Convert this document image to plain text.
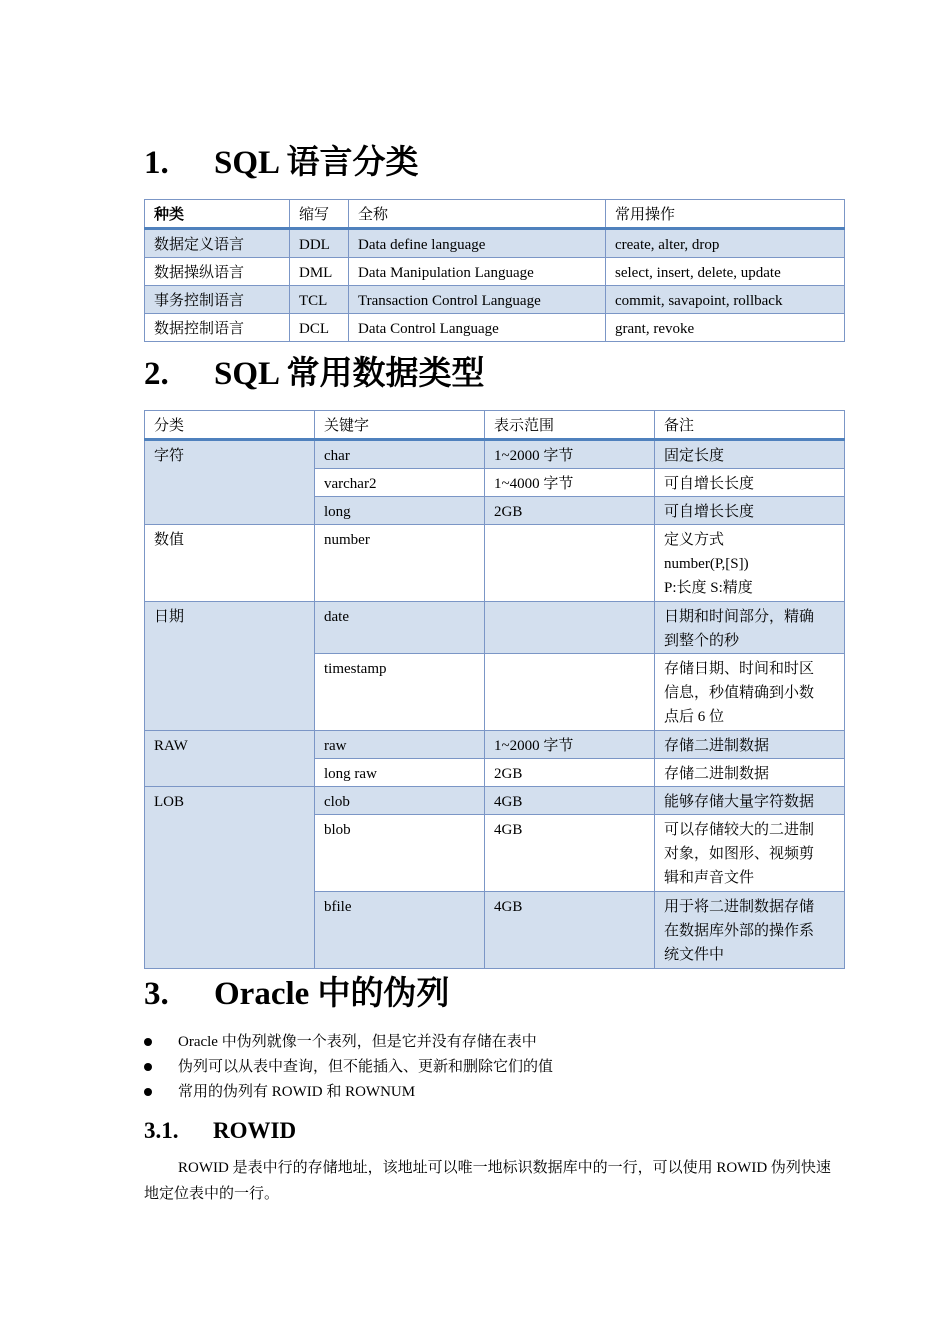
1. SQL 语言分类
种类	缩写	全称	常用操作
数据定义语言	DDL	Data define language	create, alter, drop
数据操纵语言	DML	Data Manipulation Language	select, insert, delete, update
事务控制语言	TCL	Transaction Control Language	commit, savapoint, rollback
数据控制语言	DCL	Data Control Language	grant, revoke
2. SQL 常用数据类型
分类	关键字	表示范围	备注
字符	char	1~2000 字节	固定长度

	varchar2	1~4000 字节	可自增长长度

	long	2GB	可自增长长度

数值	number		定义方式
number(P,[S])
P:长度 S:精度

日期	date		日期和时间部分，精确
到整个的秒

	timestamp		存储日期、时间和时区
信息，秒值精确到小数
点后 6 位

RAW	raw	1~2000 字节	存储二进制数据

	long raw	2GB	存储二进制数据

LOB	clob	4GB	能够存储大量字符数据

	blob	4GB	可以存储较大的二进制
对象，如图形、视频剪
辑和声音文件

	bfile	4GB	用于将二进制数据存储
在数据库外部的操作系
统文件中
3. Oracle 中的伪列
Oracle 中伪列就像一个表列，但是它并没有存储在表中
伪列可以从表中查询，但不能插入、更新和删除它们的值
常用的伪列有 ROWID 和 ROWNUM
3.1. ROWID

ROWID 是表中行的存储地址，该地址可以唯一地标识数据库中的一行，可以使用 ROWID 伪列快速地定位表中的一行。
